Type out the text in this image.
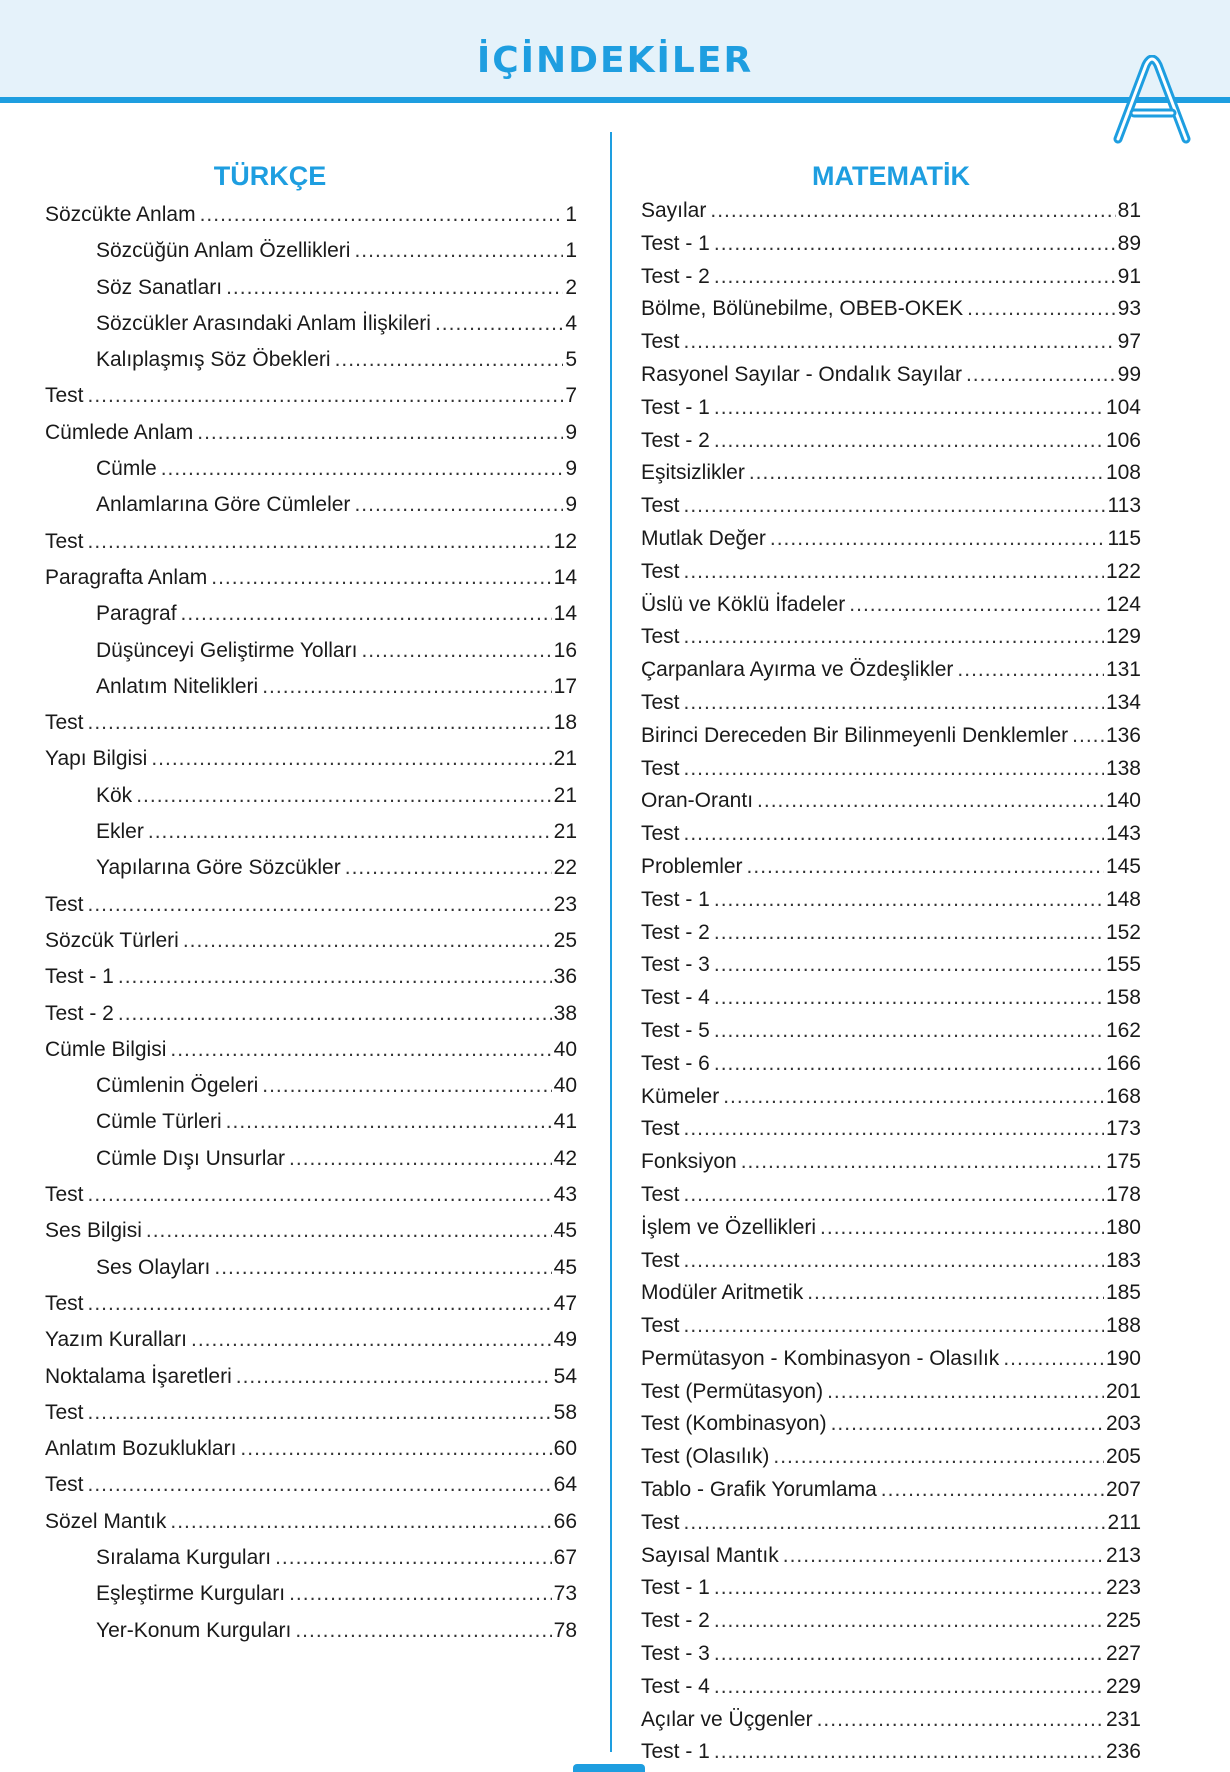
İÇİNDEKİLER
TÜRKÇE
Sözcükte Anlam .....	1
Sözcüğün Anlam Özellikleri .....	1
Söz Sanatları .....	2
Sözcükler Arasındaki Anlam İlişkileri .....	4
Kalıplaşmış Söz Öbekleri .....	5
Test .....	7
Cümlede Anlam .....	9
Cümle .....	9
Anlamlarına Göre Cümleler .....	9
Test .....	12
Paragrafta Anlam .....	14
Paragraf .....	14
Düşünceyi Geliştirme Yolları .....	16
Anlatım Nitelikleri .....	17
Test .....	18
Yapı Bilgisi .....	21
Kök .....	21
Ekler .....	21
Yapılarına Göre Sözcükler .....	22
Test .....	23
Sözcük Türleri .....	25
Test - 1 .....	36
Test - 2 .....	38
Cümle Bilgisi .....	40
Cümlenin Ögeleri .....	40
Cümle Türleri .....	41
Cümle Dışı Unsurlar .....	42
Test .....	43
Ses Bilgisi .....	45
Ses Olayları .....	45
Test .....	47
Yazım Kuralları .....	49
Noktalama İşaretleri .....	54
Test .....	58
Anlatım Bozuklukları .....	60
Test .....	64
Sözel Mantık .....	66
Sıralama Kurguları .....	67
Eşleştirme Kurguları .....	73
Yer-Konum Kurguları .....	78
MATEMATİK
Sayılar .....	81
Test - 1 .....	89
Test - 2 .....	91
Bölme, Bölünebilme, OBEB-OKEK .....	93
Test .....	97
Rasyonel Sayılar - Ondalık Sayılar .....	99
Test - 1 .....	104
Test - 2 .....	106
Eşitsizlikler .....	108
Test .....	113
Mutlak Değer .....	115
Test .....	122
Üslü ve Köklü İfadeler .....	124
Test .....	129
Çarpanlara Ayırma ve Özdeşlikler .....	131
Test .....	134
Birinci Dereceden Bir Bilinmeyenli Denklemler ..... 136
Test .....	138
Oran-Orantı .....	140
Test .....	143
Problemler .....	145
Test - 1 .....	148
Test - 2 .....	152
Test - 3 .....	155
Test - 4 .....	158
Test - 5 .....	162
Test - 6 .....	166
Kümeler .....	168
Test .....	173
Fonksiyon .....	175
Test .....	178
İşlem ve Özellikleri .....	180
Test .....	183
Modüler Aritmetik .....	185
Test .....	188
Permütasyon - Kombinasyon - Olasılık .....	190
Test (Permütasyon) .....	201
Test (Kombinasyon) .....	203
Test (Olasılık) .....	205
Tablo - Grafik Yorumlama .....	207
Test .....	211
Sayısal Mantık .....	213
Test - 1 .....	223
Test - 2 .....	225
Test - 3 .....	227
Test - 4 .....	229
Açılar ve Üçgenler .....	231
Test - 1 .....	236
